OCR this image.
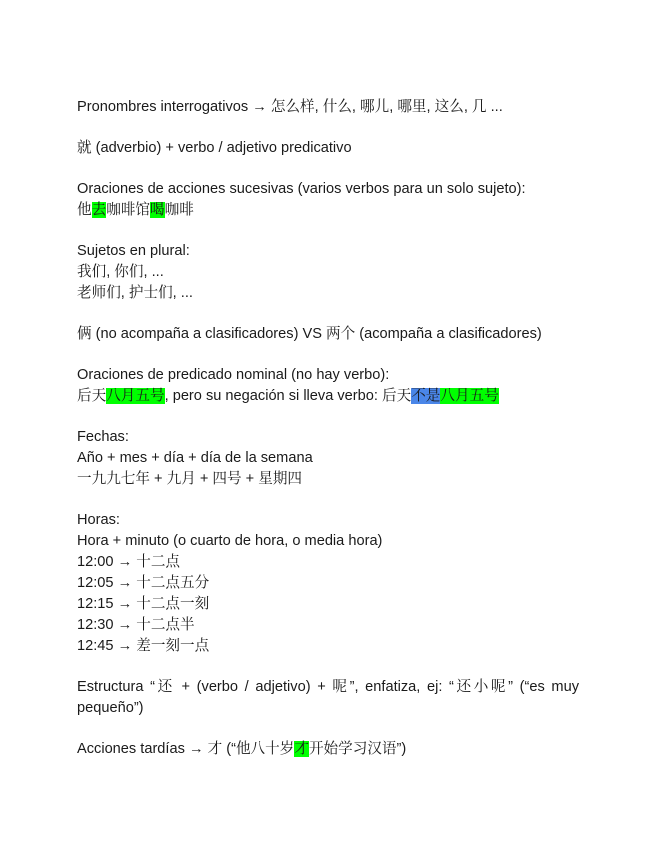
Pronombres interrogativos → 怎么样, 什么, 哪儿, 哪里, 这么, 几 ...
就 (adverbio) + verbo / adjetivo predicativo
Oraciones de acciones sucesivas (varios verbos para un solo sujeto):
他去咖啡馆喝咖啡
Sujetos en plural:
我们, 你们, ...
老师们, 护士们, ...
俩 (no acompaña a clasificadores) VS 两个 (acompaña a clasificadores)
Oraciones de predicado nominal (no hay verbo):
后天八月五号, pero su negación si lleva verbo: 后天不是八月五号
Fechas:
Año + mes + día + día de la semana
一九九七年 + 九月 + 四号 + 星期四
Horas:
Hora + minuto (o cuarto de hora, o media hora)
12:00 → 十二点
12:05 → 十二点五分
12:15 → 十二点一刻
12:30 → 十二点半
12:45 → 差一刻一点
Estructura “还 + (verbo / adjetivo) + 呢”, enfatiza, ej: “还小呢” (“es muy pequeño”)
Acciones tardías → 才 (“他八十岁才开始学习汉语”)
